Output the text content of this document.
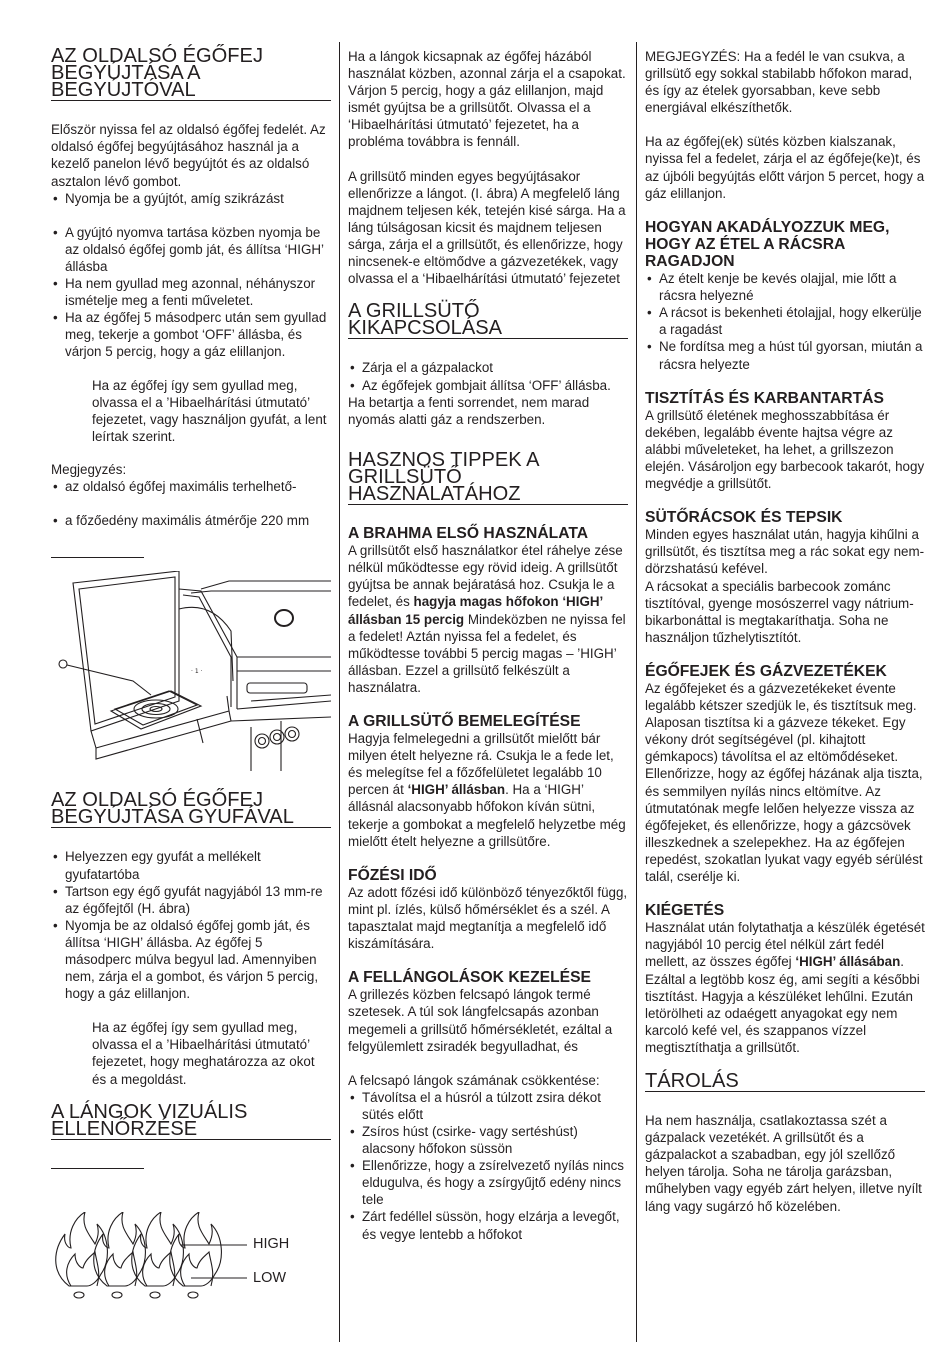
AZ OLDALSÓ ÉGŐFEJ BEGYÚJTÁSA A BEGYÚJTÓVAL

Először nyissa fel az oldalsó égőfej fedelét. Az oldalsó égőfej begyújtásához használ ja a kezelő panelon lévő begyújtót és az oldalsó asztalon lévő gombot.

• Nyomja be a gyújtót, amíg szikrázást
• A gyújtó nyomva tartása közben nyomja be az oldalsó égőfej gomb ját, és állítsa ‘HIGH’ állásba
• Ha nem gyullad meg azonnal, néhányszor ismételje meg a fenti műveletet.
• Ha az égőfej 5 másodperc után sem gyullad meg, tekerje a gombot ‘OFF’ állásba, és várjon 5 percig, hogy a gáz elillanjon.

Ha az égőfej így sem gyullad meg, olvassa el a ’Hibaelhárítási útmutató’ fejezetet, vagy használjon gyufát, a lent leírtak szerint.

Megjegyzés:

• az oldalsó égőfej maximális terhelhető-
• a főzőedény maximális átmérője 220 mm
· 1 ·
AZ OLDALSÓ ÉGŐFEJ BEGYÚJTÁSA GYUFÁVAL
• Helyezzen egy gyufát a mellékelt gyufatartóba
• Tartson egy égő gyufát nagyjából 13 mm-re az égőfejtől (H. ábra)
• Nyomja be az oldalsó égőfej gomb ját, és állítsa ‘HIGH’ állásba. Az égőfej 5 másodperc múlva begyul lad. Amennyiben nem, zárja el a gombot, és várjon 5 percig, hogy a gáz elillanjon.

Ha az égőfej így sem gyullad meg, olvassa el a ’Hibaelhárítási útmutató’ fejezetet, hogy meghatározza az okot és a megoldást.

A LÁNGOK VIZUÁLIS ELLENŐRZÉSE
HIGH
LOW

Ha a lángok kicsapnak az égőfej házából használat közben, azonnal zárja el a csapokat. Várjon 5 percig, hogy a gáz elillanjon, majd ismét gyújtsa be a grillsütőt. Olvassa el a ‘Hibaelhárítási útmutató’ fejezetet, ha a probléma továbbra is fennáll.

A grillsütő minden egyes begyújtásakor ellenőrizze a lángot. (I. ábra) A megfelelő láng majdnem teljesen kék, tetején kisé sárga. Ha a láng túlságosan kicsit és majdnem teljesen sárga, zárja el a grillsütőt, és ellenőrizze, hogy nincsenek-e eltömődve a gázvezetékek, vagy olvassa el a ‘Hibaelhárítási útmutató’ fejezetet

A GRILLSÜTŐ KIKAPCSOLÁSA
• Zárja el a gázpalackot
• Az égőfejek gombjait állítsa ‘OFF’ állásba.

Ha betartja a fenti sorrendet, nem marad nyomás alatti gáz a rendszerben.

HASZNOS TIPPEK A GRILLSÜTŐ HASZNÁLATÁHOZ
A BRAHMA ELSŐ HASZNÁLATA

A grillsütőt első használatkor étel ráhelye zése nélkül működtesse egy rövid ideig. A grillsütőt gyújtsa be annak bejáratásá hoz. Csukja le a fedelet, és hagyja magas hőfokon ‘HIGH’ állásban 15 percig Mindeközben ne nyissa fel a fedelet! Aztán nyissa fel a fedelet, és működtesse további 5 percig magas – ’HIGH’ állásban. Ezzel a grillsütő felkészült a használatra.

A GRILLSÜTŐ BEMELEGÍTÉSE

Hagyja felmelegedni a grillsütőt mielőtt bár milyen ételt helyezne rá. Csukja le a fede let, és melegítse fel a főzőfelületet legalább 10 percen át ‘HIGH’ állásban. Ha a ‘HIGH’ állásnál alacsonyabb hőfokon kíván sütni, tekerje a gombokat a megfelelő helyzetbe még mielőtt ételt helyezne a grillsütőre.

FŐZÉSI IDŐ

Az adott főzési idő különböző tényezőktől függ, mint pl. ízlés, külső hőmérséklet és a szél. A tapasztalat majd megtanítja a megfelelő idő kiszámítására.

A FELLÁNGOLÁSOK KEZELÉSE

A grillezés közben felcsapó lángok termé szetesek. A túl sok lángfelcsapás azonban megemeli a grillsütő hőmérsékletét, ezáltal a felgyülemlett zsiradék begyulladhat, és

A felcsapó lángok számának csökkentése:

• Távolítsa el a húsról a túlzott zsira dékot sütés előtt
• Zsíros húst (csirke- vagy sertéshúst) alacsony hőfokon süssön
• Ellenőrizze, hogy a zsírelvezető nyílás nincs eldugulva, és hogy a zsírgyűjtő edény nincs tele
• Zárt fedéllel süssön, hogy elzárja a levegőt, és vegye lentebb a hőfokot

MEGJEGYZÉS: Ha a fedél le van csukva, a grillsütő egy sokkal stabilabb hőfokon marad, és így az ételek gyorsabban, keve sebb energiával elkészíthetők.

Ha az égőfej(ek) sütés közben kialszanak, nyissa fel a fedelet, zárja el az égőfeje(ke)t, és az újbóli begyújtás előtt várjon 5 percet, hogy a gáz elillanjon.

HOGYAN AKADÁLYOZZUK MEG, HOGY AZ ÉTEL A RÁCSRA RAGADJON
• Az ételt kenje be kevés olajjal, mie lőtt a rácsra helyezné
• A rácsot is bekenheti étolajjal, hogy elkerülje a ragadást
• Ne fordítsa meg a húst túl gyorsan, miután a rácsra helyezte
TISZTÍTÁS ÉS KARBANTARTÁS

A grillsütő életének meghosszabbítása ér dekében, legalább évente hajtsa végre az alábbi műveleteket, ha lehet, a grillszezon elején. Vásároljon egy barbecook takarót, hogy megvédje a grillsütőt.

SÜTŐRÁCSOK ÉS TEPSIK

Minden egyes használat után, hagyja kihűlni a grillsütőt, és tisztítsa meg a rác sokat egy nem-dörzshatású kefével.

A rácsokat a speciális barbecook zománc tisztítóval, gyenge mosószerrel vagy nátrium-bikarbonáttal is megtakaríthatja. Soha ne használjon tűzhelytisztítót.

ÉGŐFEJEK ÉS GÁZVEZETÉKEK

Az égőfejeket és a gázvezetékeket évente legalább kétszer szedjük le, és tisztítsuk meg. Alaposan tisztítsa ki a gázveze tékeket. Egy vékony drót segítségével (pl. kihajtott gémkapocs) távolítsa el az eltömődéseket. Ellenőrizze, hogy az égőfej házának alja tiszta, és semmilyen nyílás nincs eltömítve. Az útmutatónak megfe lelően helyezze vissza az égőfejeket, és ellenőrizze, hogy a gázcsövek illeszkednek a szelepekhez. Ha az égőfejen repedést, szokatlan lyukat vagy egyéb sérülést talál, cserélje ki.

KIÉGETÉS

Használat után folytathatja a készülék égetését nagyjából 10 percig étel nélkül zárt fedél mellett, az összes égőfej ‘HIGH’ állásában. Ezáltal a legtöbb kosz ég, ami segíti a későbbi tisztítást. Hagyja a készüléket lehűlni. Ezután letörölheti az odaégett anyagokat egy nem karcoló kefé vel, és szappanos vízzel megtisztíthatja a grillsütőt.

TÁROLÁS

Ha nem használja, csatlakoztassa szét a gázpalack vezetékét. A grillsütőt és a gázpalackot a szabadban, egy jól szellőző helyen tárolja. Soha ne tárolja garázsban, műhelyben vagy egyéb zárt helyen, illetve nyílt láng vagy sugárzó hő közelében.
